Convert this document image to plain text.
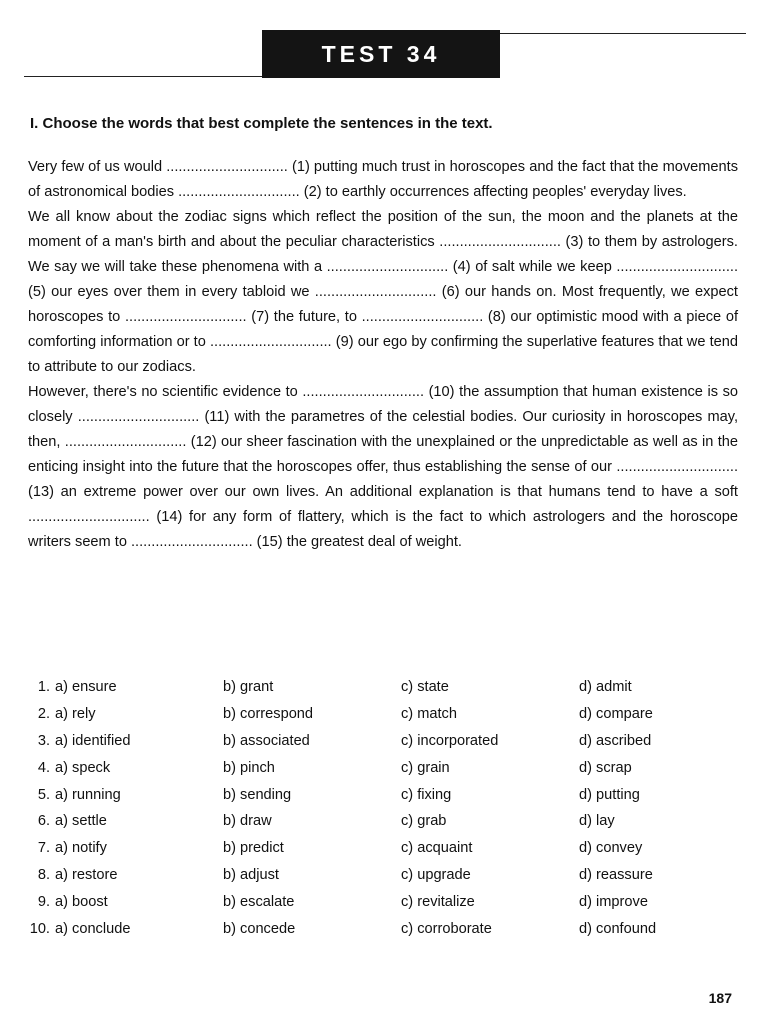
TEST 34
I. Choose the words that best complete the sentences in the text.

Very few of us would .............................. (1) putting much trust in horoscopes and the fact that the movements of astronomical bodies .............................. (2) to earthly occurrences affecting peoples' everyday lives.

We all know about the zodiac signs which reflect the position of the sun, the moon and the planets at the moment of a man's birth and about the peculiar characteristics .............................. (3) to them by astrologers. We say we will take these phenomena with a .............................. (4) of salt while we keep .............................. (5) our eyes over them in every tabloid we .............................. (6) our hands on. Most frequently, we expect horoscopes to .............................. (7) the future, to .............................. (8) our optimistic mood with a piece of comforting information or to .............................. (9) our ego by confirming the superlative features that we tend to attribute to our zodiacs.

However, there's no scientific evidence to .............................. (10) the assumption that human existence is so closely .............................. (11) with the parametres of the celestial bodies. Our curiosity in horoscopes may, then, .............................. (12) our sheer fascination with the unexplained or the unpredictable as well as in the enticing insight into the future that the horoscopes offer, thus establishing the sense of our .............................. (13) an extreme power over our own lives. An additional explanation is that humans tend to have a soft .............................. (14) for any form of flattery, which is the fact to which astrologers and the horoscope writers seem to .............................. (15) the greatest deal of weight.

1. a) ensure	b) grant	c) state	d) admit
2. a) rely	b) correspond	c) match	d) compare
3. a) identified	b) associated	c) incorporated	d) ascribed
4. a) speck	b) pinch	c) grain	d) scrap
5. a) running	b) sending	c) fixing	d) putting
6. a) settle	b) draw	c) grab	d) lay
7. a) notify	b) predict	c) acquaint	d) convey
8. a) restore	b) adjust	c) upgrade	d) reassure
9. a) boost	b) escalate	c) revitalize	d) improve
10. a) conclude	b) concede	c) corroborate	d) confound
187
